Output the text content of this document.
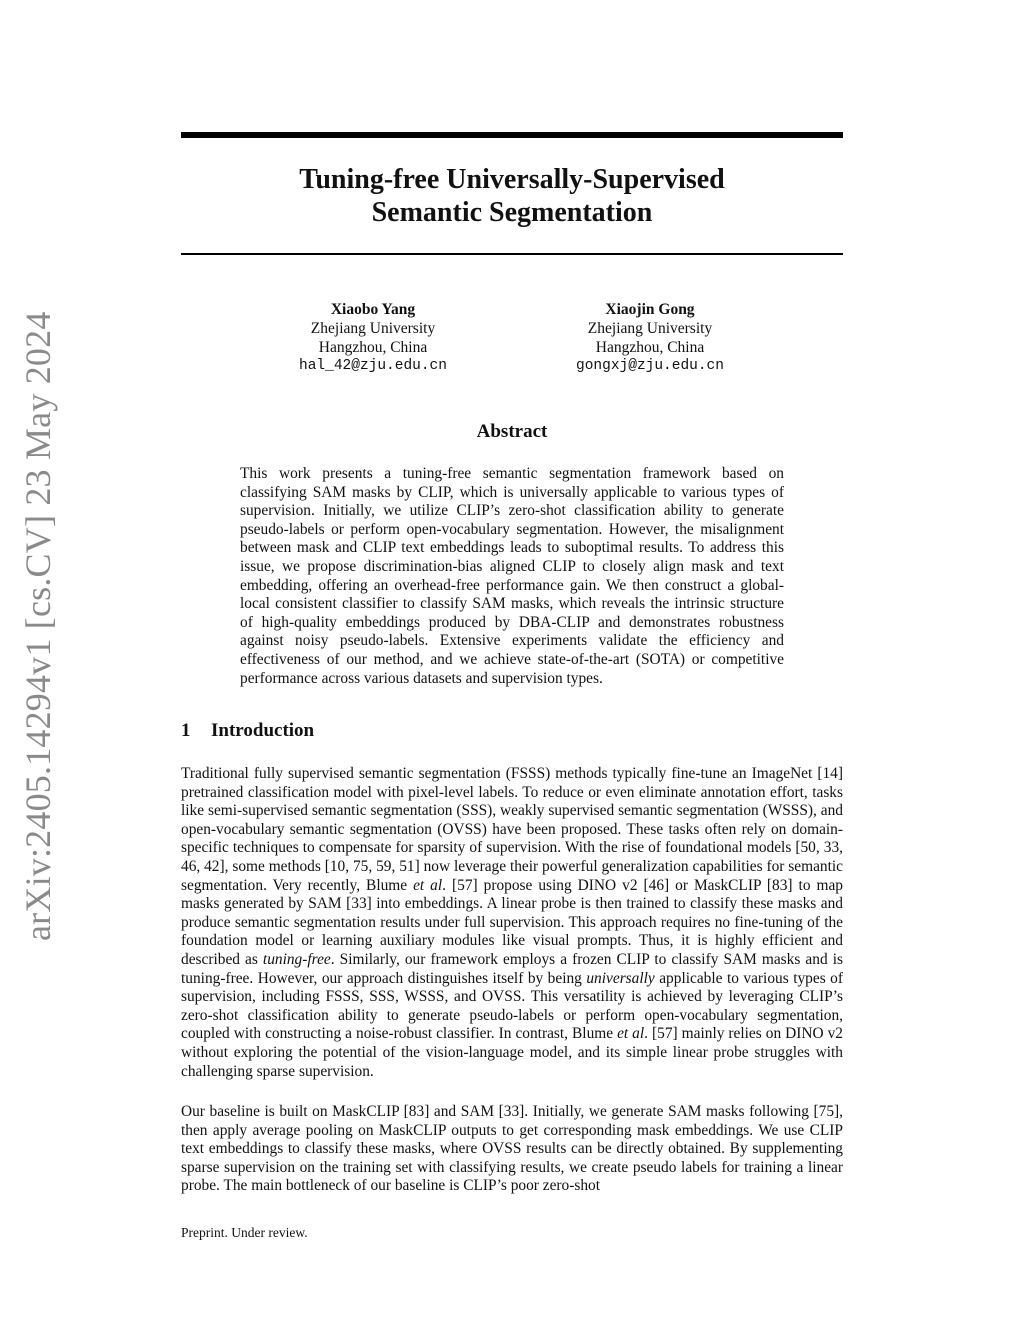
arXiv:2405.14294v1 [cs.CV] 23 May 2024
Tuning-free Universally-Supervised
Semantic Segmentation
Xiaobo Yang
Zhejiang University
Hangzhou, China
hal_42@zju.edu.cn
Xiaojin Gong
Zhejiang University
Hangzhou, China
gongxj@zju.edu.cn
Abstract

This work presents a tuning-free semantic segmentation framework based on classifying SAM masks by CLIP, which is universally applicable to various types of supervision. Initially, we utilize CLIP’s zero-shot classification ability to generate pseudo-labels or perform open-vocabulary segmentation. However, the misalignment between mask and CLIP text embeddings leads to suboptimal results. To address this issue, we propose discrimination-bias aligned CLIP to closely align mask and text embedding, offering an overhead-free performance gain. We then construct a global-local consistent classifier to classify SAM masks, which reveals the intrinsic structure of high-quality embeddings produced by DBA-CLIP and demonstrates robustness against noisy pseudo-labels. Extensive experiments validate the efficiency and effectiveness of our method, and we achieve state-of-the-art (SOTA) or competitive performance across various datasets and supervision types.

1 Introduction

Traditional fully supervised semantic segmentation (FSSS) methods typically fine-tune an ImageNet [14] pretrained classification model with pixel-level labels. To reduce or even eliminate annotation effort, tasks like semi-supervised semantic segmentation (SSS), weakly supervised semantic segmentation (WSSS), and open-vocabulary semantic segmentation (OVSS) have been proposed. These tasks often rely on domain-specific techniques to compensate for sparsity of supervision. With the rise of foundational models [50, 33, 46, 42], some methods [10, 75, 59, 51] now leverage their powerful generalization capabilities for semantic segmentation. Very recently, Blume et al. [57] propose using DINO v2 [46] or MaskCLIP [83] to map masks generated by SAM [33] into embeddings. A linear probe is then trained to classify these masks and produce semantic segmentation results under full supervision. This approach requires no fine-tuning of the foundation model or learning auxiliary modules like visual prompts. Thus, it is highly efficient and described as tuning-free. Similarly, our framework employs a frozen CLIP to classify SAM masks and is tuning-free. However, our approach distinguishes itself by being universally applicable to various types of supervision, including FSSS, SSS, WSSS, and OVSS. This versatility is achieved by leveraging CLIP’s zero-shot classification ability to generate pseudo-labels or perform open-vocabulary segmentation, coupled with constructing a noise-robust classifier. In contrast, Blume et al. [57] mainly relies on DINO v2 without exploring the potential of the vision-language model, and its simple linear probe struggles with challenging sparse supervision.

Our baseline is built on MaskCLIP [83] and SAM [33]. Initially, we generate SAM masks following [75], then apply average pooling on MaskCLIP outputs to get corresponding mask embeddings. We use CLIP text embeddings to classify these masks, where OVSS results can be directly obtained. By supplementing sparse supervision on the training set with classifying results, we create pseudo labels for training a linear probe. The main bottleneck of our baseline is CLIP’s poor zero-shot

Preprint. Under review.
